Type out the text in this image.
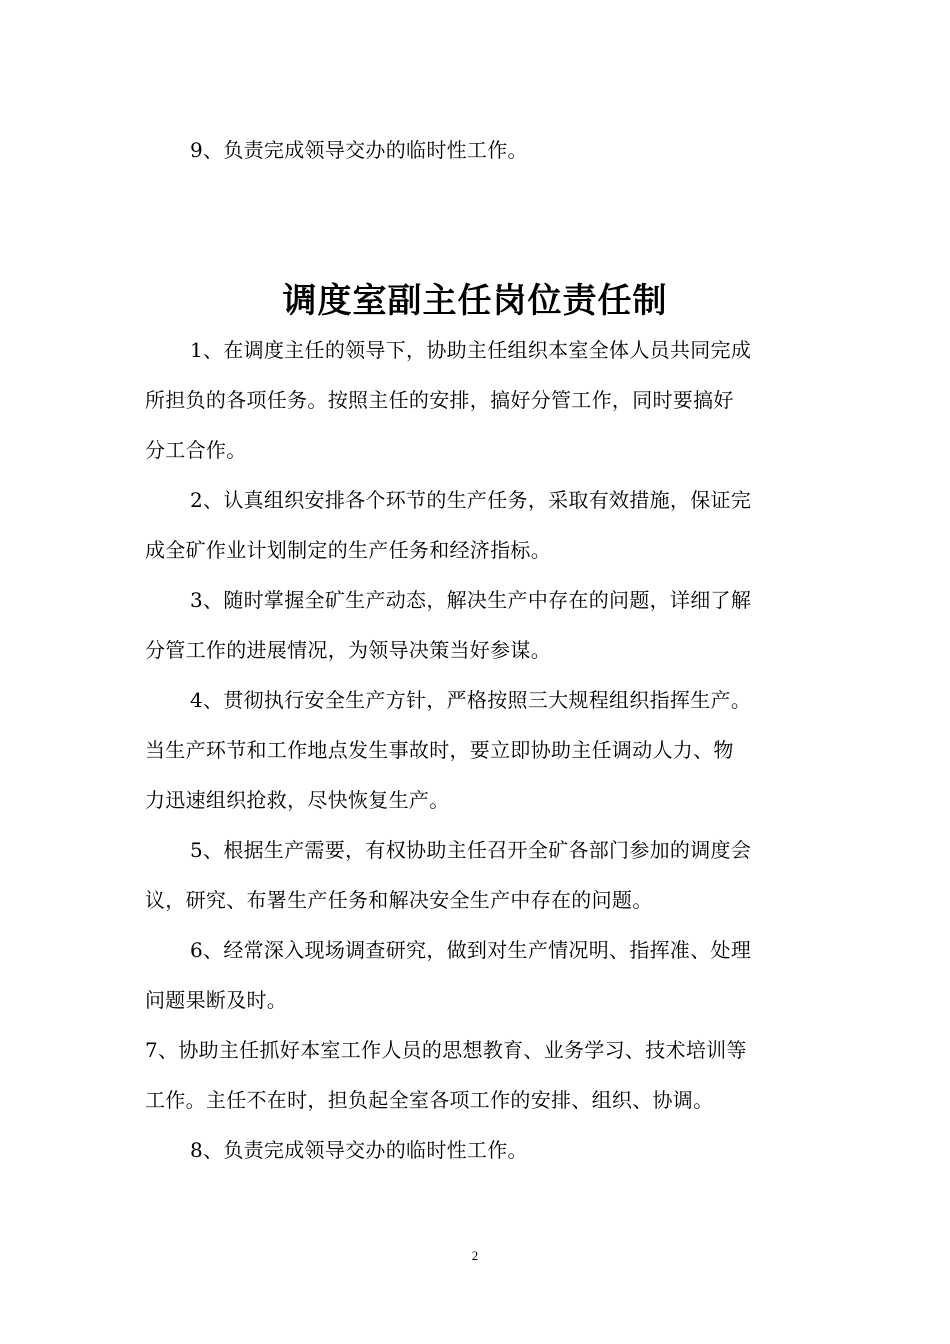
9、负责完成领导交办的临时性工作。
调度室副主任岗位责任制
1、在调度主任的领导下，协助主任组织本室全体人员共同完成
所担负的各项任务。按照主任的安排，搞好分管工作，同时要搞好
分工合作。
2、认真组织安排各个环节的生产任务，采取有效措施，保证完
成全矿作业计划制定的生产任务和经济指标。
3、随时掌握全矿生产动态，解决生产中存在的问题，详细了解
分管工作的进展情况，为领导决策当好参谋。
4、贯彻执行安全生产方针，严格按照三大规程组织指挥生产。
当生产环节和工作地点发生事故时，要立即协助主任调动人力、物
力迅速组织抢救，尽快恢复生产。
5、根据生产需要，有权协助主任召开全矿各部门参加的调度会
议，研究、布署生产任务和解决安全生产中存在的问题。
6、经常深入现场调查研究，做到对生产情况明、指挥准、处理
问题果断及时。
7、协助主任抓好本室工作人员的思想教育、业务学习、技术培训等
工作。主任不在时，担负起全室各项工作的安排、组织、协调。
8、负责完成领导交办的临时性工作。
2
